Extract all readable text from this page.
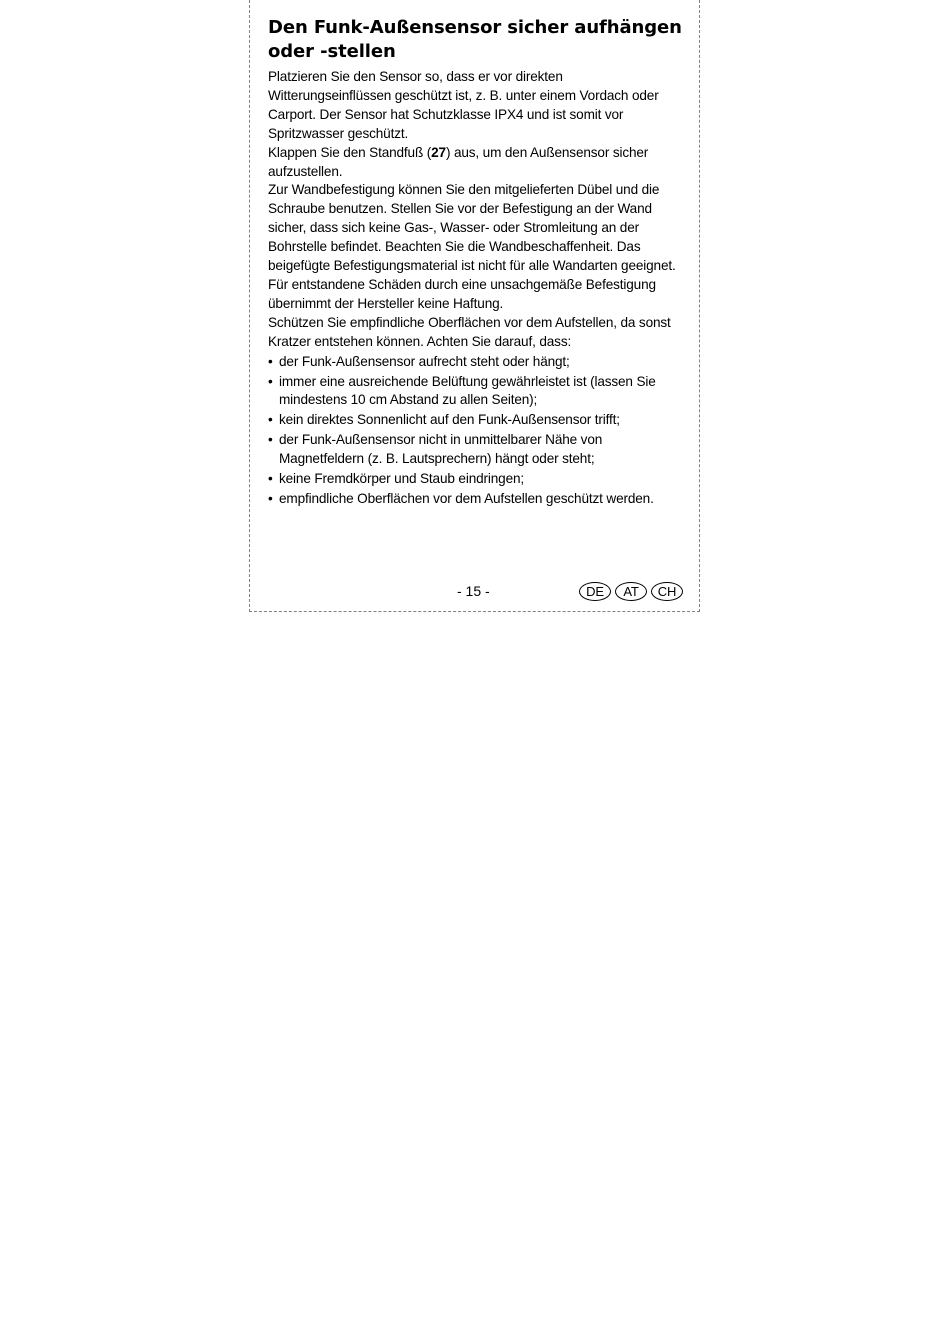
Den Funk-Außensensor sicher aufhängen oder -stellen

Platzieren Sie den Sensor so, dass er vor direkten Witterungseinflüssen geschützt ist, z. B. unter einem Vordach oder Carport. Der Sensor hat Schutzklasse IPX4 und ist somit vor Spritzwasser geschützt.

Klappen Sie den Standfuß (27) aus, um den Außensensor sicher aufzustellen.

Zur Wandbefestigung können Sie den mitgelieferten Dübel und die Schraube benutzen. Stellen Sie vor der Befestigung an der Wand sicher, dass sich keine Gas-, Wasser- oder Stromleitung an der Bohrstelle befindet. Beachten Sie die Wandbeschaffenheit. Das beigefügte Befestigungsmaterial ist nicht für alle Wandarten geeignet.

Für entstandene Schäden durch eine unsachgemäße Befestigung übernimmt der Hersteller keine Haftung.

Schützen Sie empfindliche Oberflächen vor dem Aufstellen, da sonst Kratzer entstehen können. Achten Sie darauf, dass:

• der Funk-Außensensor aufrecht steht oder hängt;
• immer eine ausreichende Belüftung gewährleistet ist (lassen Sie mindestens 10 cm Abstand zu allen Seiten);
• kein direktes Sonnenlicht auf den Funk-Außensensor trifft;
• der Funk-Außensensor nicht in unmittelbarer Nähe von Magnetfeldern (z. B. Lautsprechern) hängt oder steht;
• keine Fremdkörper und Staub eindringen;
• empfindliche Oberflächen vor dem Aufstellen geschützt werden.
- 15 -	DE	AT	CH
